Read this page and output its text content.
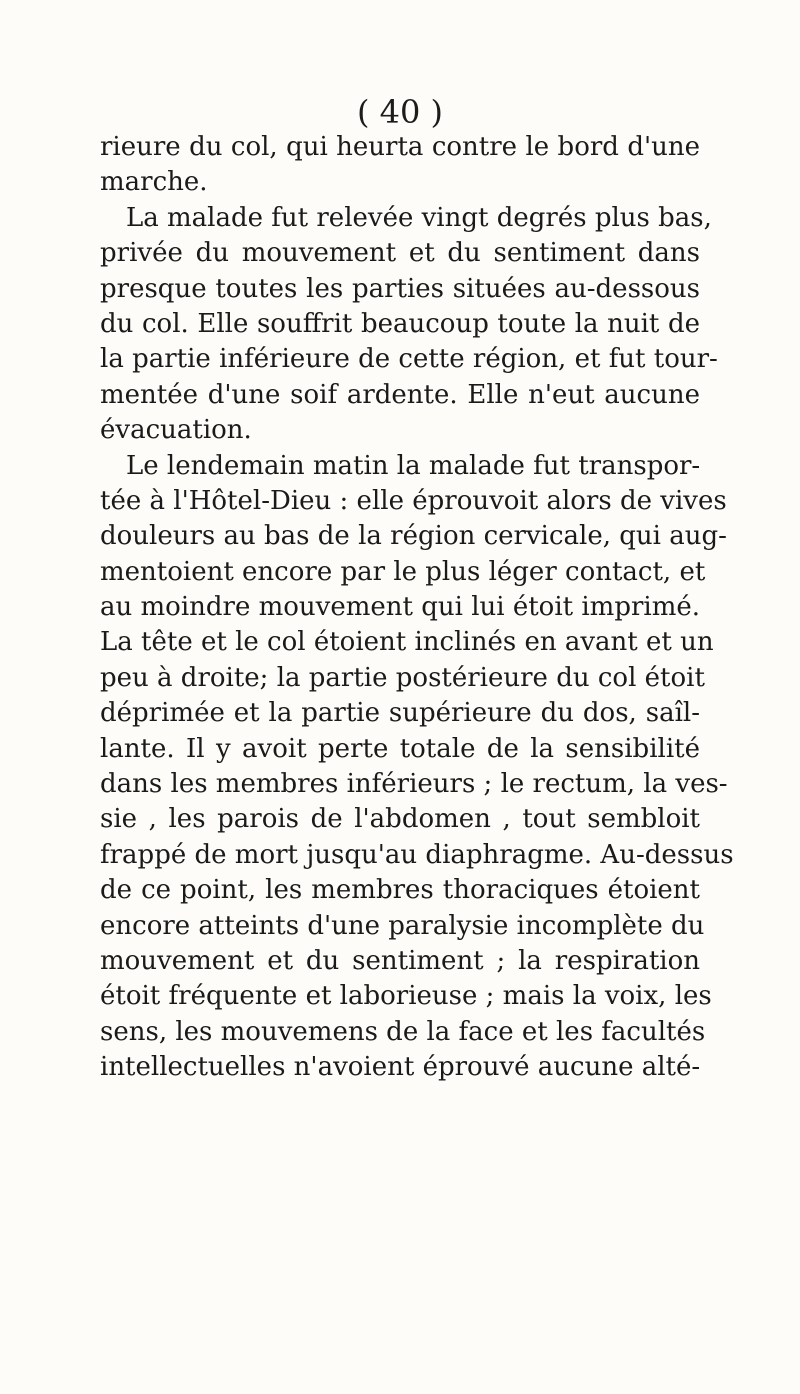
( 40 )
rieure du col, qui heurta contre le bord d'une
marche.
La malade fut relevée vingt degrés plus bas,
privée du mouvement et du sentiment dans
presque toutes les parties situées au-dessous
du col. Elle souffrit beaucoup toute la nuit de
la partie inférieure de cette région, et fut tour-
mentée d'une soif ardente. Elle n'eut aucune
évacuation.
Le lendemain matin la malade fut transpor-
tée à l'Hôtel-Dieu : elle éprouvoit alors de vives
douleurs au bas de la région cervicale, qui aug-
mentoient encore par le plus léger contact, et
au moindre mouvement qui lui étoit imprimé.
La tête et le col étoient inclinés en avant et un
peu à droite; la partie postérieure du col étoit
déprimée et la partie supérieure du dos, saîl-
lante. Il y avoit perte totale de la sensibilité
dans les membres inférieurs ; le rectum, la ves-
sie , les parois de l'abdomen , tout sembloit
frappé de mort jusqu'au diaphragme. Au-dessus
de ce point, les membres thoraciques étoient
encore atteints d'une paralysie incomplète du
mouvement et du sentiment ; la respiration
étoit fréquente et laborieuse ; mais la voix, les
sens, les mouvemens de la face et les facultés
intellectuelles n'avoient éprouvé aucune alté-
